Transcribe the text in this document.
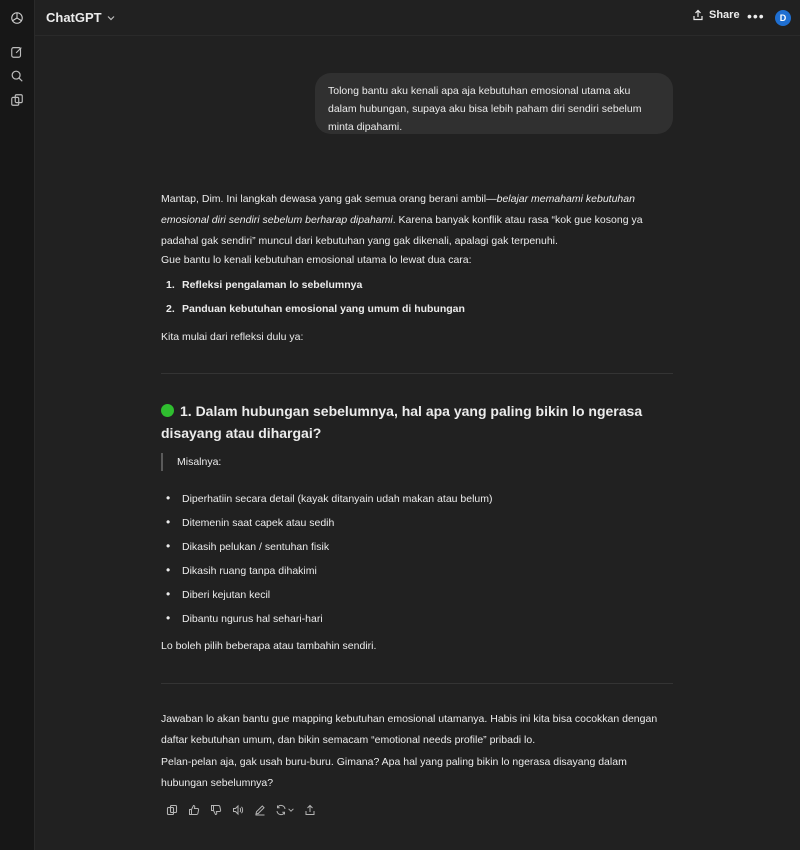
ChatGPT	Share •••	D
Tolong bantu aku kenali apa aja kebutuhan emosional utama aku dalam hubungan, supaya aku bisa lebih paham diri sendiri sebelum minta dipahami.
Mantap, Dim. Ini langkah dewasa yang gak semua orang berani ambil—belajar memahami kebutuhan emosional diri sendiri sebelum berharap dipahami. Karena banyak konflik atau rasa “kok gue kosong ya padahal gak sendiri” muncul dari kebutuhan yang gak dikenali, apalagi gak terpenuhi.
Gue bantu lo kenali kebutuhan emosional utama lo lewat dua cara:
1. Refleksi pengalaman lo sebelumnya
2. Panduan kebutuhan emosional yang umum di hubungan
Kita mulai dari refleksi dulu ya:
1. Dalam hubungan sebelumnya, hal apa yang paling bikin lo ngerasa disayang atau dihargai?
Misalnya:
• Diperhatiin secara detail (kayak ditanyain udah makan atau belum)
• Ditemenin saat capek atau sedih
• Dikasih pelukan / sentuhan fisik
• Dikasih ruang tanpa dihakimi
• Diberi kejutan kecil
• Dibantu ngurus hal sehari-hari
Lo boleh pilih beberapa atau tambahin sendiri.
Jawaban lo akan bantu gue mapping kebutuhan emosional utamanya. Habis ini kita bisa cocokkan dengan daftar kebutuhan umum, dan bikin semacam “emotional needs profile” pribadi lo.
Pelan-pelan aja, gak usah buru-buru. Gimana? Apa hal yang paling bikin lo ngerasa disayang dalam hubungan sebelumnya?
